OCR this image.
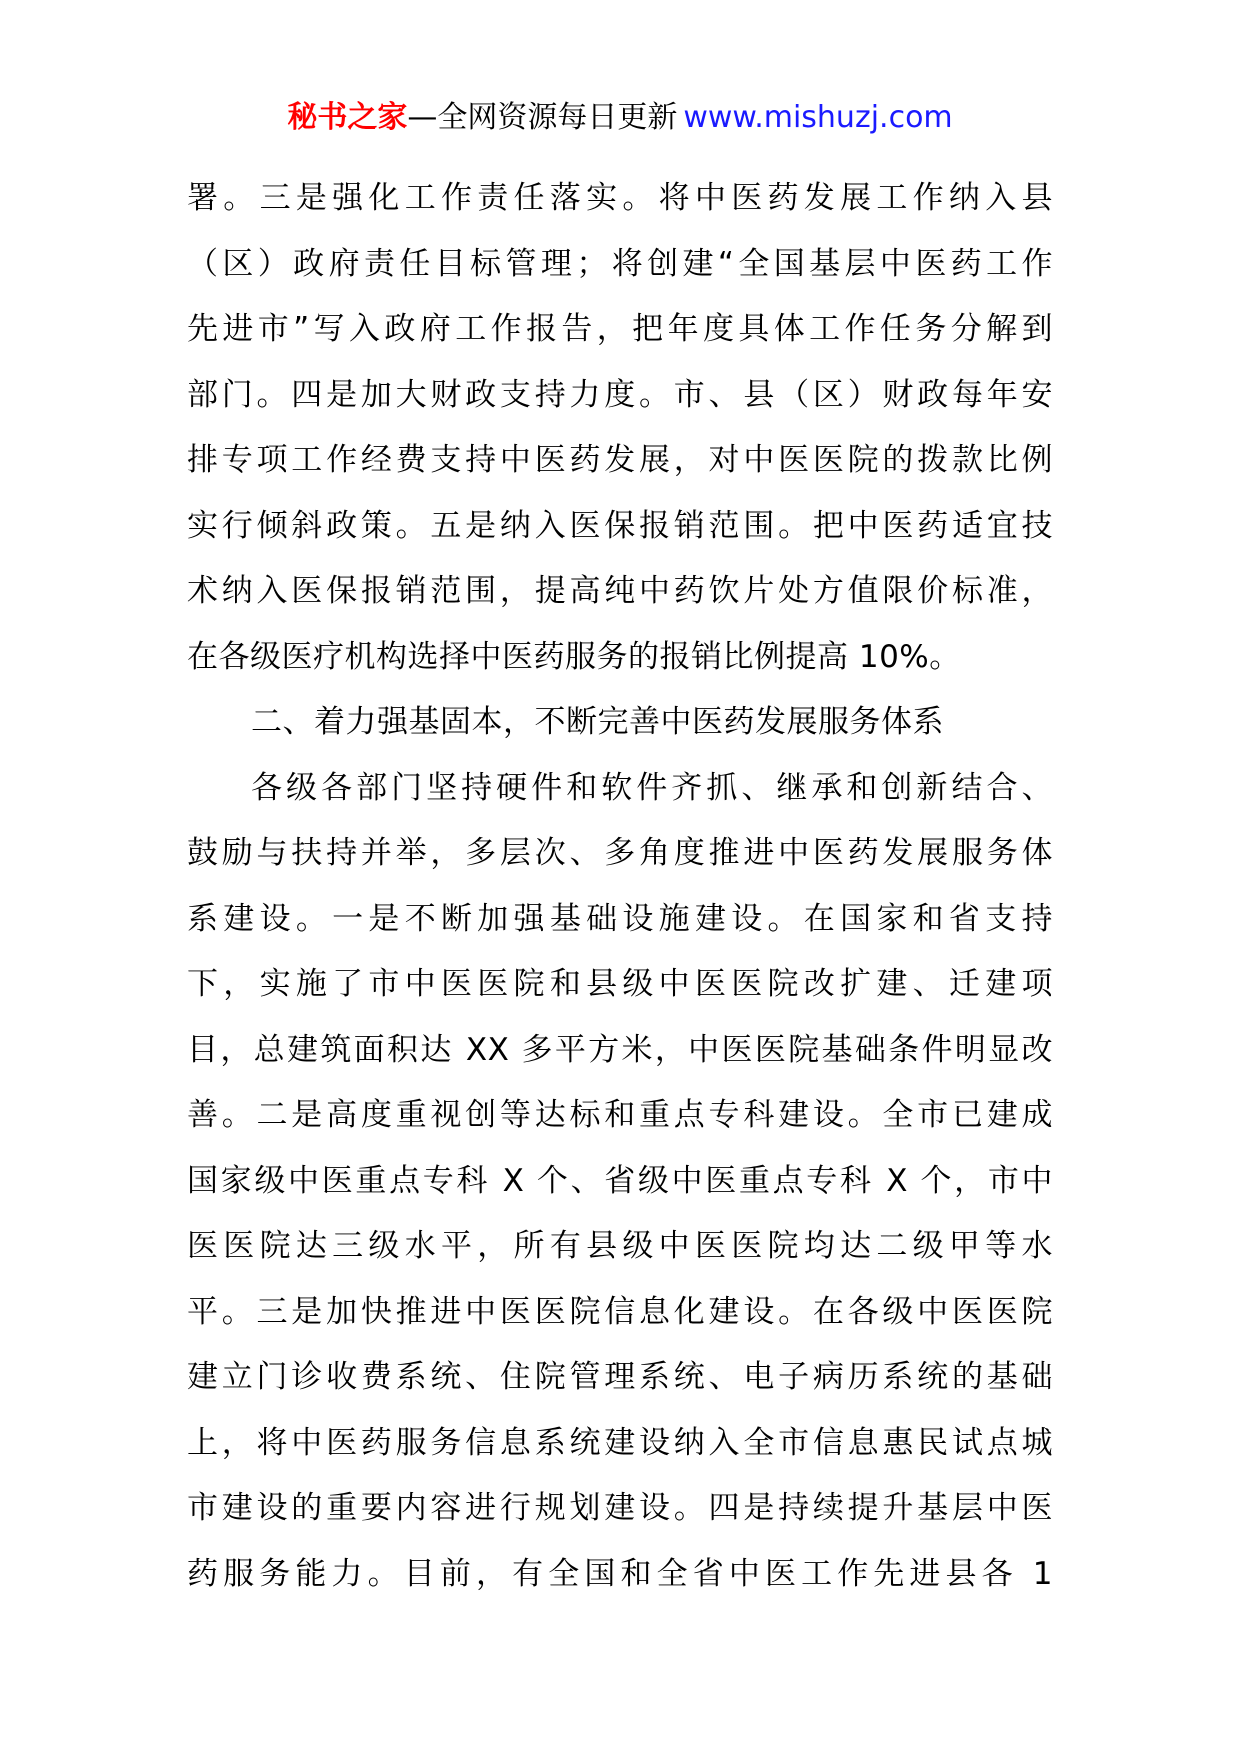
秘书之家—全网资源每日更新 www.mishuzj.com

署。三是强化工作责任落实。将中医药发展工作纳入县

（区）政府责任目标管理；将创建“全国基层中医药工作

先进市”写入政府工作报告，把年度具体工作任务分解到

部门。四是加大财政支持力度。市、县（区）财政每年安

排专项工作经费支持中医药发展，对中医医院的拨款比例

实行倾斜政策。五是纳入医保报销范围。把中医药适宜技

术纳入医保报销范围，提高纯中药饮片处方值限价标准，

在各级医疗机构选择中医药服务的报销比例提高 10%。

二、着力强基固本，不断完善中医药发展服务体系

各级各部门坚持硬件和软件齐抓、继承和创新结合、

鼓励与扶持并举，多层次、多角度推进中医药发展服务体

系建设。一是不断加强基础设施建设。在国家和省支持

下，实施了市中医医院和县级中医医院改扩建、迁建项

目，总建筑面积达 XX 多平方米，中医医院基础条件明显改

善。二是高度重视创等达标和重点专科建设。全市已建成

国家级中医重点专科 X 个、省级中医重点专科 X 个，市中

医医院达三级水平，所有县级中医医院均达二级甲等水

平。三是加快推进中医医院信息化建设。在各级中医医院

建立门诊收费系统、住院管理系统、电子病历系统的基础

上，将中医药服务信息系统建设纳入全市信息惠民试点城

市建设的重要内容进行规划建设。四是持续提升基层中医

药服务能力。目前，有全国和全省中医工作先进县各 1
